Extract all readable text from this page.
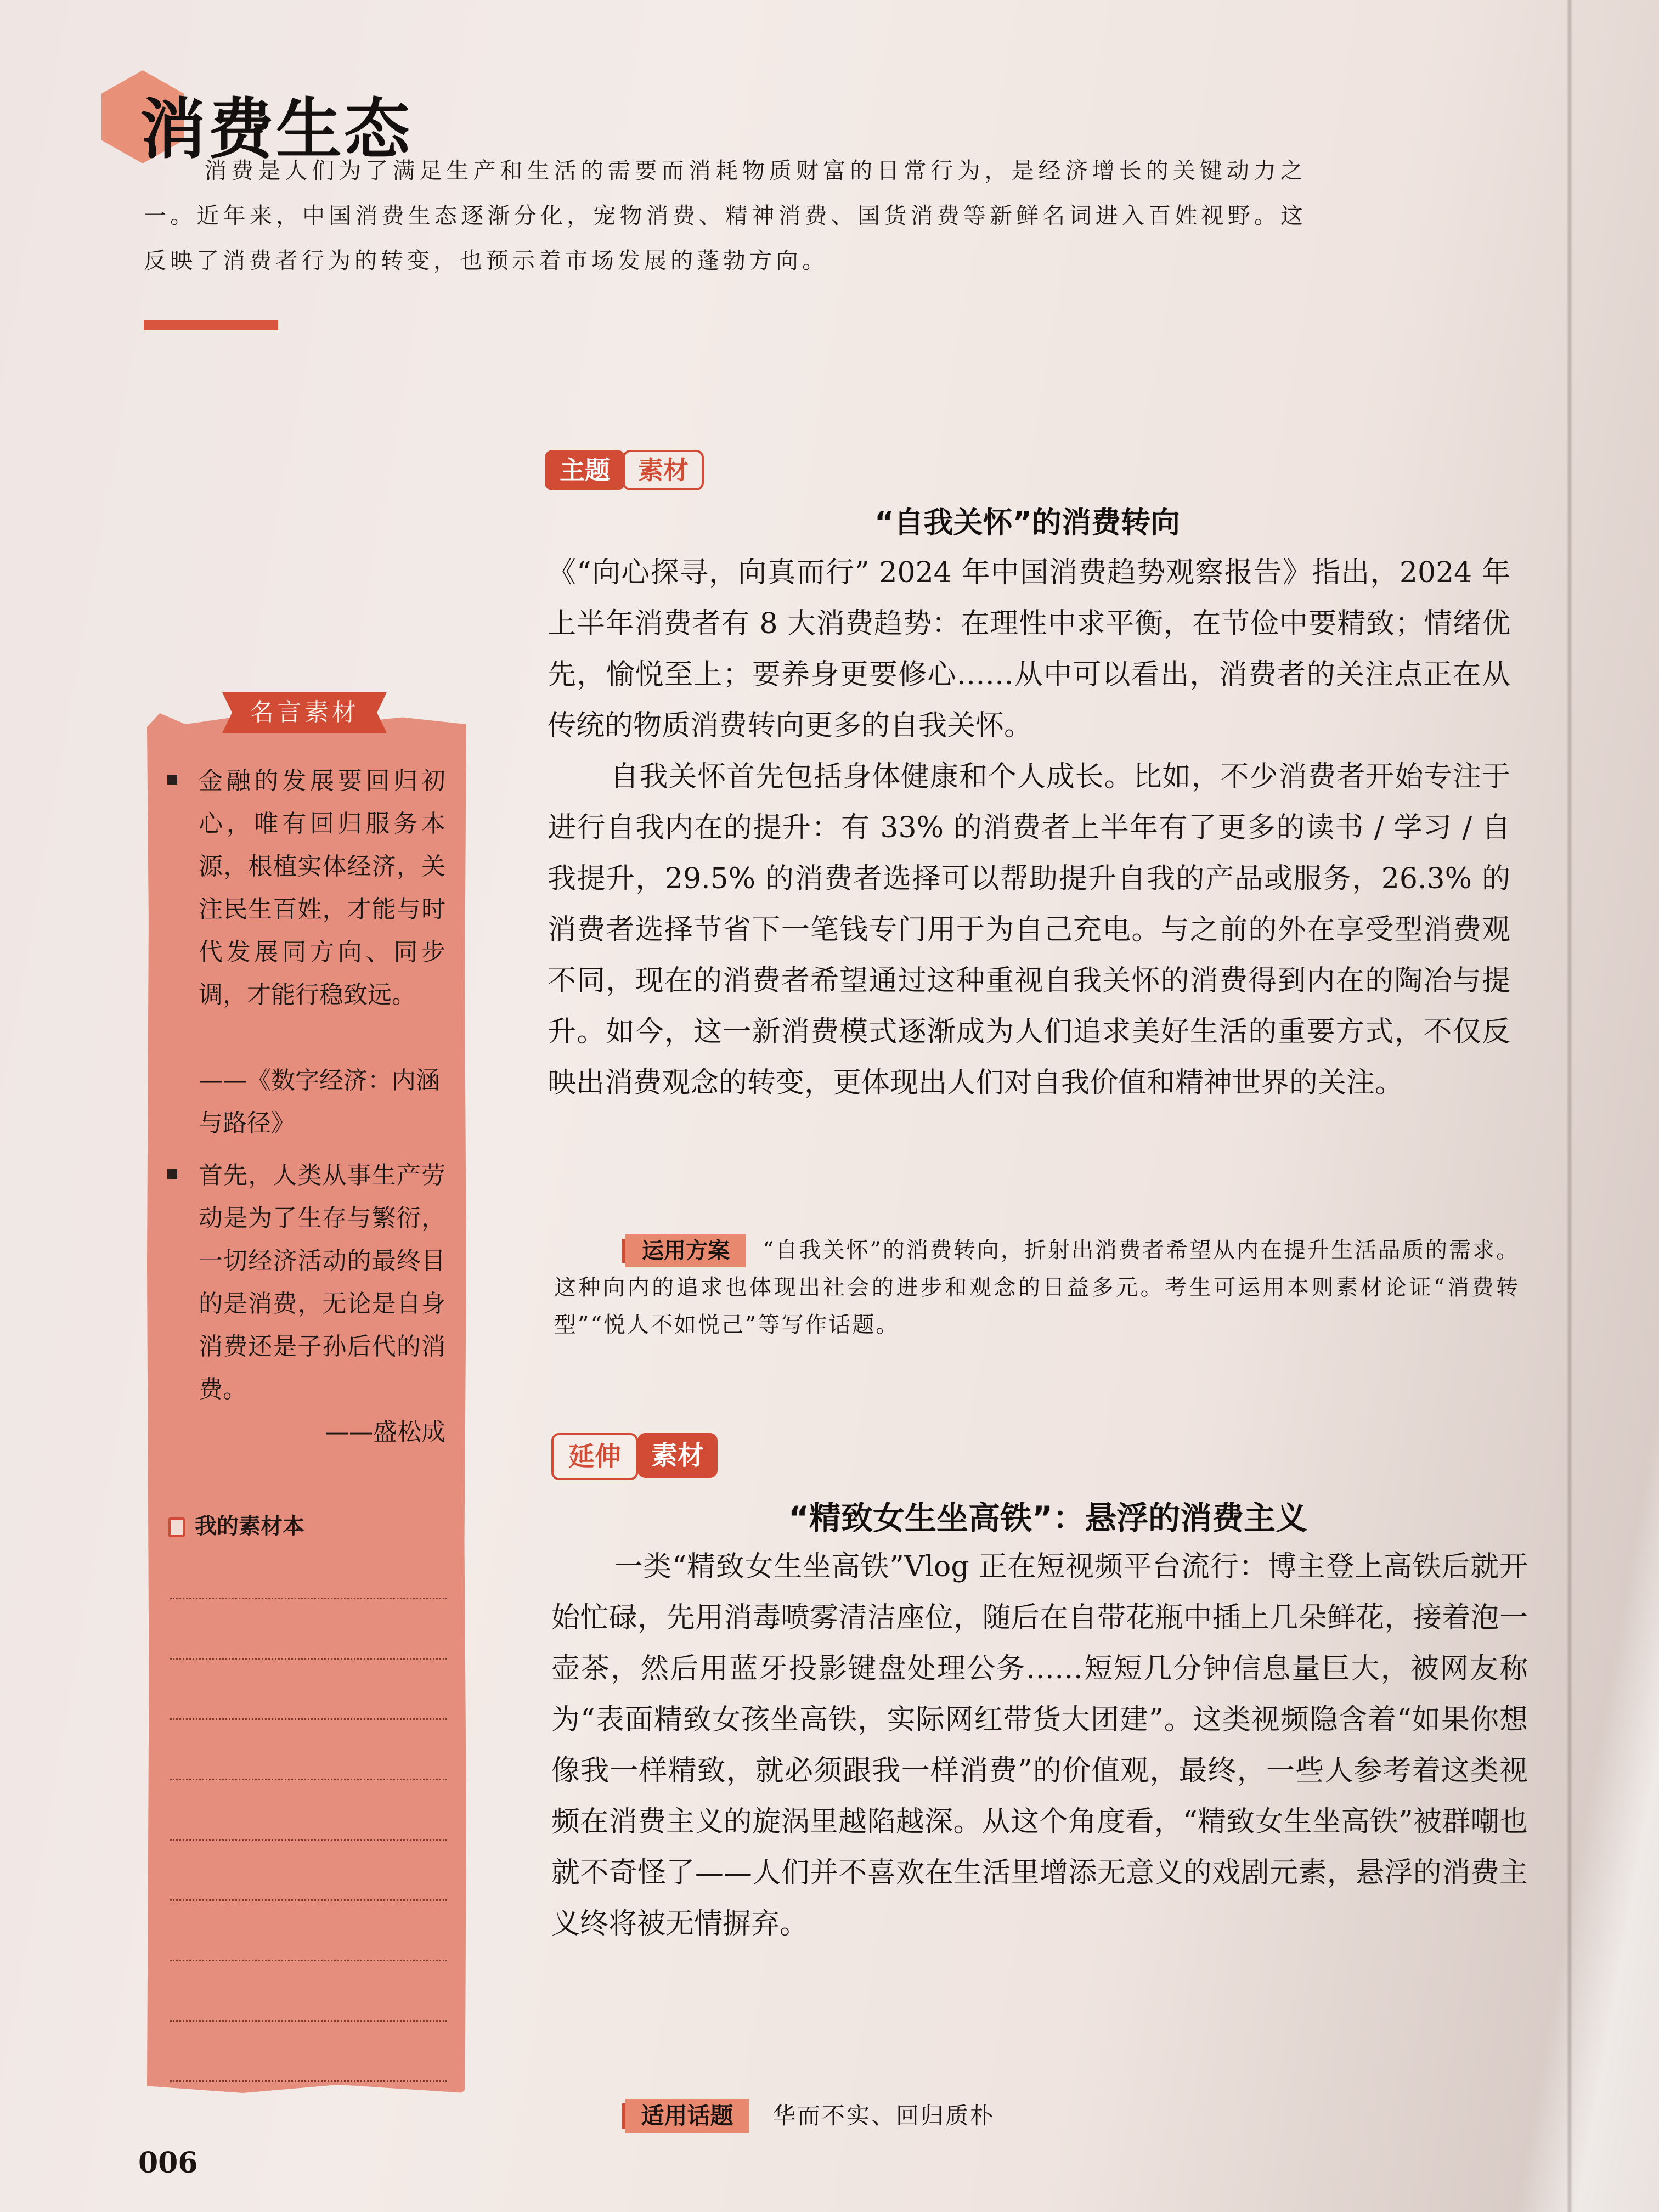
消费生态
消费是人们为了满足生产和生活的需要而消耗物质财富的日常行为，是经济增长的关键动力之一。近年来，中国消费生态逐渐分化，宠物消费、精神消费、国货消费等新鲜名词进入百姓视野。这反映了消费者行为的转变，也预示着市场发展的蓬勃方向。
名言素材
金融的发展要回归初心，唯有回归服务本源，根植实体经济，关注民生百姓，才能与时代发展同方向、同步调，才能行稳致远。
——《数字经济：内涵与路径》
首先，人类从事生产劳动是为了生存与繁衍，一切经济活动的最终目的是消费，无论是自身消费还是子孙后代的消费。
——盛松成
我的素材本
主题	素材
“自我关怀”的消费转向

《“向心探寻，向真而行” 2024 年中国消费趋势观察报告》指出，2024 年上半年消费者有 8 大消费趋势：在理性中求平衡，在节俭中要精致；情绪优先，愉悦至上；要养身更要修心……从中可以看出，消费者的关注点正在从传统的物质消费转向更多的自我关怀。

自我关怀首先包括身体健康和个人成长。比如，不少消费者开始专注于进行自我内在的提升：有 33% 的消费者上半年有了更多的读书 / 学习 / 自我提升，29.5% 的消费者选择可以帮助提升自我的产品或服务，26.3% 的消费者选择节省下一笔钱专门用于为自己充电。与之前的外在享受型消费观不同，现在的消费者希望通过这种重视自我关怀的消费得到内在的陶冶与提升。如今，这一新消费模式逐渐成为人们追求美好生活的重要方式，不仅反映出消费观念的转变，更体现出人们对自我价值和精神世界的关注。

运用方案	“自我关怀”的消费转向，折射出消费者希望从内在提升生活品质的需求。这种向内的追求也体现出社会的进步和观念的日益多元。考生可运用本则素材论证“消费转型”“悦人不如悦己”等写作话题。
延伸	素材
“精致女生坐高铁”：悬浮的消费主义

一类“精致女生坐高铁”Vlog 正在短视频平台流行：博主登上高铁后就开始忙碌，先用消毒喷雾清洁座位，随后在自带花瓶中插上几朵鲜花，接着泡一壶茶，然后用蓝牙投影键盘处理公务……短短几分钟信息量巨大，被网友称为“表面精致女孩坐高铁，实际网红带货大团建”。这类视频隐含着“如果你想像我一样精致，就必须跟我一样消费”的价值观，最终，一些人参考着这类视频在消费主义的旋涡里越陷越深。从这个角度看，“精致女生坐高铁”被群嘲也就不奇怪了——人们并不喜欢在生活里增添无意义的戏剧元素，悬浮的消费主义终将被无情摒弃。

适用话题	华而不实、回归质朴
006
